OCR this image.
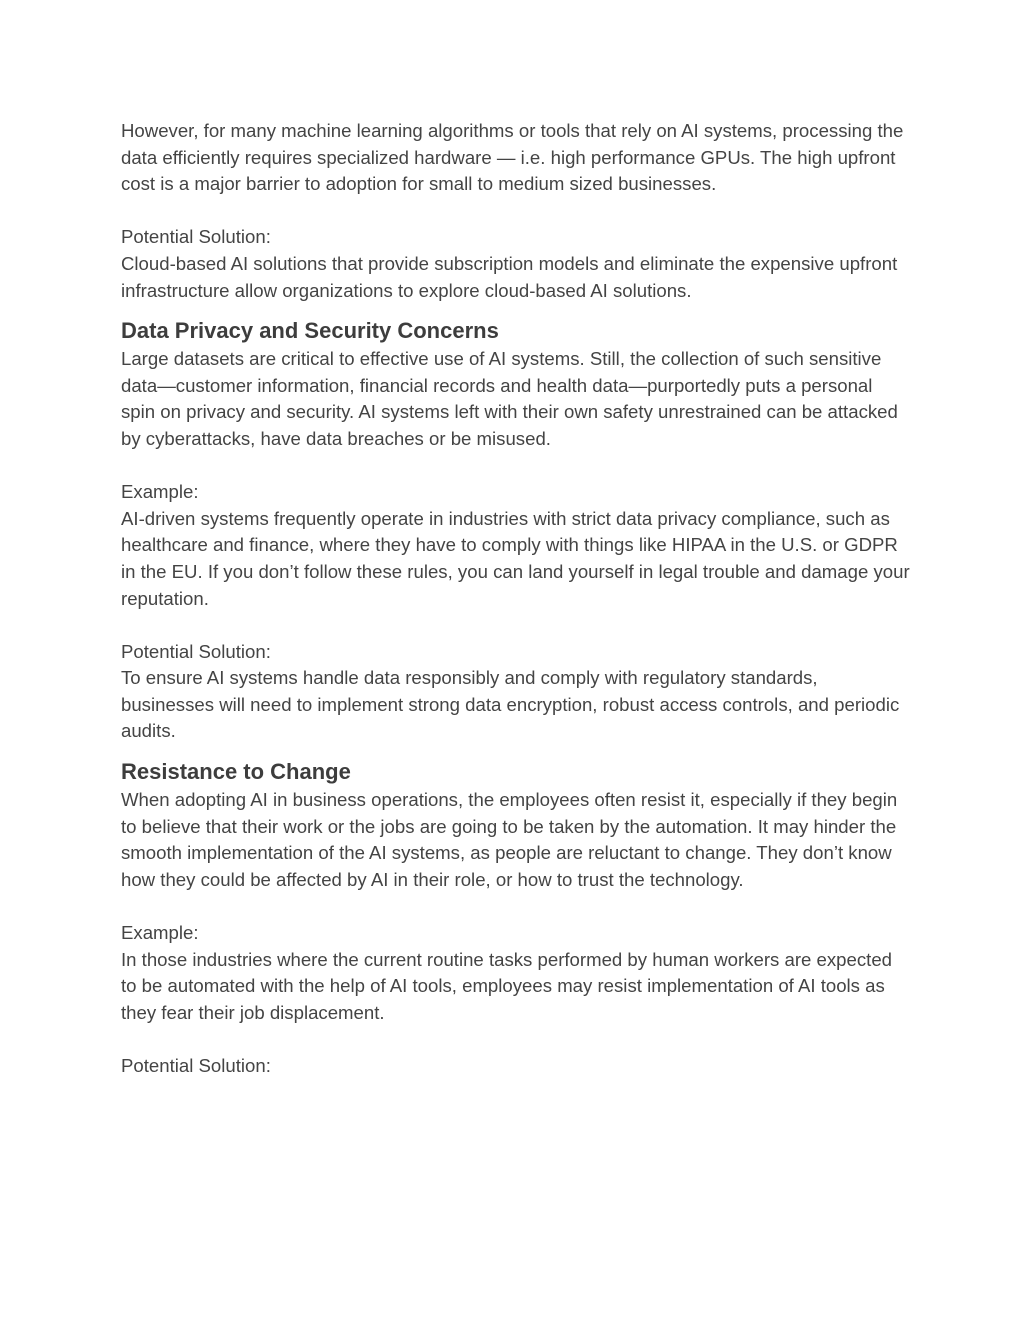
However, for many machine learning algorithms or tools that rely on AI systems, processing the data efficiently requires specialized hardware — i.e. high performance GPUs. The high upfront cost is a major barrier to adoption for small to medium sized businesses.

Potential Solution:

Cloud-based AI solutions that provide subscription models and eliminate the expensive upfront infrastructure allow organizations to explore cloud-based AI solutions.

Data Privacy and Security Concerns

Large datasets are critical to effective use of AI systems. Still, the collection of such sensitive data—customer information, financial records and health data—purportedly puts a personal spin on privacy and security. AI systems left with their own safety unrestrained can be attacked by cyberattacks, have data breaches or be misused.

Example:

AI-driven systems frequently operate in industries with strict data privacy compliance, such as healthcare and finance, where they have to comply with things like HIPAA in the U.S. or GDPR in the EU. If you don’t follow these rules, you can land yourself in legal trouble and damage your reputation.

Potential Solution:

To ensure AI systems handle data responsibly and comply with regulatory standards, businesses will need to implement strong data encryption, robust access controls, and periodic audits.

Resistance to Change

When adopting AI in business operations, the employees often resist it, especially if they begin to believe that their work or the jobs are going to be taken by the automation. It may hinder the smooth implementation of the AI systems, as people are reluctant to change. They don’t know how they could be affected by AI in their role, or how to trust the technology.

Example:

In those industries where the current routine tasks performed by human workers are expected to be automated with the help of AI tools, employees may resist implementation of AI tools as they fear their job displacement.

Potential Solution:
